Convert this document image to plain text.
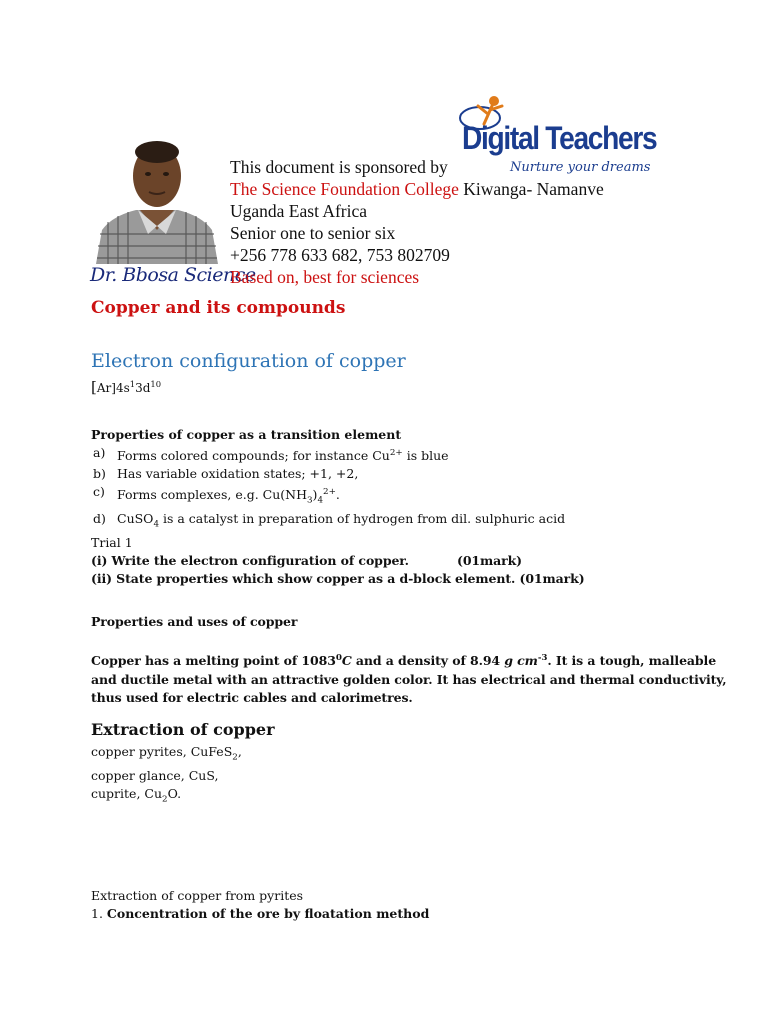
Dr. Bbosa Science
This document is sponsored by
The Science Foundation College Kiwanga- Namanve
Uganda East Africa
Senior one to senior six
+256 778 633 682, 753 802709
Based on, best for sciences
Digital Teachers
Nurture your dreams
Copper and its compounds
Electron configuration of copper
$[Ar]4s^13d^{10}$
Properties of copper as a transition element
a) Forms colored compounds; for instance $Cu^{2+}$ is blue
b) Has variable oxidation states; +1, +2,
c) Forms complexes, e.g. $Cu(NH_3)_4^{2+}$.
d) CuSO$_4$ is a catalyst in preparation of hydrogen from dil. sulphuric acid
Trial 1
(i) Write the electron configuration of copper.	(01mark)
(ii) State properties which show copper as a d-block element. (01mark)
Properties and uses of copper
Copper has a melting point of 1083$^0$C and a density of 8.94 g $cm^{-3}$. It is a tough, malleable
and ductile metal with an attractive golden color. It has electrical and thermal conductivity,
thus used for electric cables and calorimetres.
Extraction of copper
copper pyrites, CuFeS$_2$,
copper glance, CuS,
cuprite, $Cu_2O$.
Extraction of copper from pyrites
1. Concentration of the ore by floatation method
